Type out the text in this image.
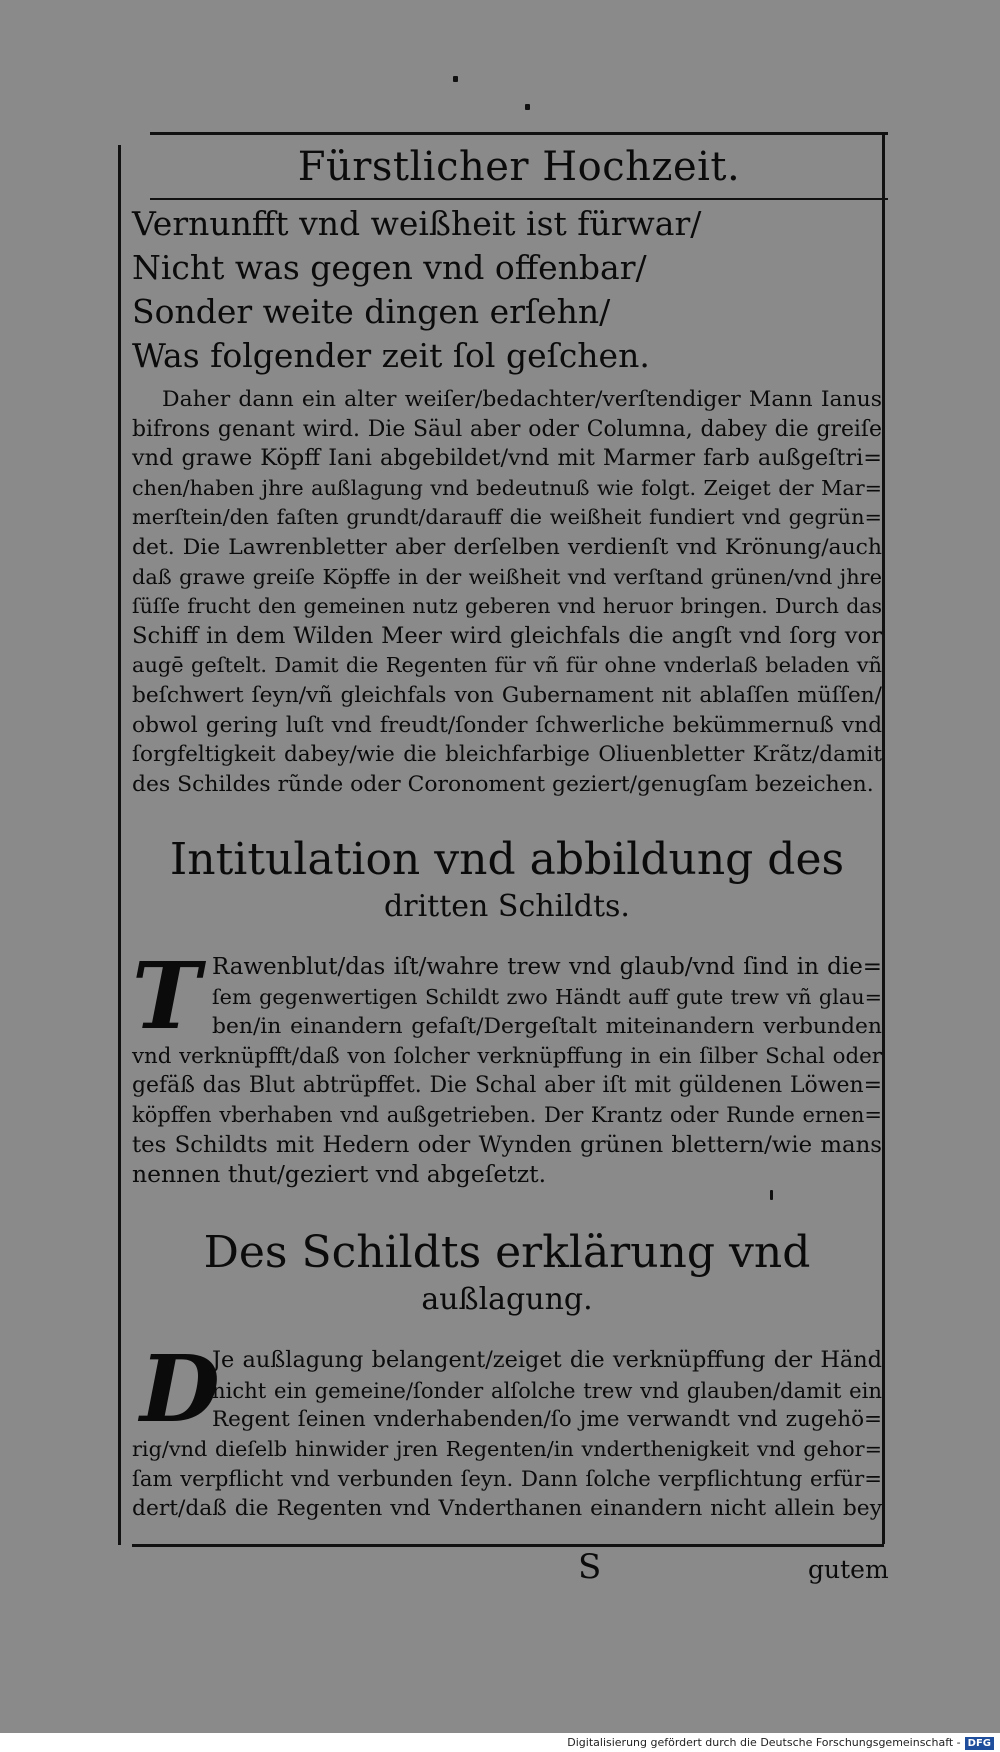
Fürstlicher Hochzeit.
Vernunfft vnd weißheit ist fürwar/
Nicht was gegen vnd offenbar/
Sonder weite dingen erſehn/
Was folgender zeit ſol geſchen.
Daher dann ein alter weiſer/bedachter/verſtendiger Mann Ianus
bifrons genant wird. Die Säul aber oder Columna, dabey die greiſe
vnd grawe Köpff Iani abgebildet/vnd mit Marmer farb außgeſtri=
chen/haben jhre außlagung vnd bedeutnuß wie folgt. Zeiget der Mar=
merſtein/den faſten grundt/darauff die weißheit fundiert vnd gegrün=
det. Die Lawrenbletter aber derſelben verdienſt vnd Krönung/auch
daß grawe greiſe Köpffe in der weißheit vnd verſtand grünen/vnd jhre
ſüſſe frucht den gemeinen nutz geberen vnd heruor bringen. Durch das
Schiff in dem Wilden Meer wird gleichfals die angſt vnd ſorg vor
augē geſtelt. Damit die Regenten für vñ für ohne vnderlaß beladen vñ
beſchwert ſeyn/vñ gleichfals von Gubernament nit ablaſſen müſſen/
obwol gering luſt vnd freudt/ſonder ſchwerliche bekümmernuß vnd
ſorgfeltigkeit dabey/wie die bleichfarbige Oliuenbletter Krãtz/damit
des Schildes rũnde oder Coronoment geziert/genugſam bezeichen.
Intitulation vnd abbildung des
dritten Schildts.
T Rawenblut/das iſt/wahre trew vnd glaub/vnd ſind in die=
ſem gegenwertigen Schildt zwo Händt auff gute trew vñ glau=
ben/in einandern gefaſt/Dergeſtalt miteinandern verbunden
vnd verknüpfft/daß von ſolcher verknüpffung in ein ſilber Schal oder
gefäß das Blut abtrüpffet. Die Schal aber iſt mit güldenen Löwen=
köpffen vberhaben vnd außgetrieben. Der Krantz oder Runde ernen=
tes Schildts mit Hedern oder Wynden grünen blettern/wie mans
nennen thut/geziert vnd abgeſetzt.
Des Schildts erklärung vnd
außlagung.
D
Je außlagung belangent/zeiget die verknüpffung der Händ
nicht ein gemeine/ſonder alſolche trew vnd glauben/damit ein
Regent ſeinen vnderhabenden/ſo jme verwandt vnd zugehö=
rig/vnd dieſelb hinwider jren Regenten/in vnderthenigkeit vnd gehor=
ſam verpflicht vnd verbunden ſeyn. Dann ſolche verpflichtung erfür=
dert/daß die Regenten vnd Vnderthanen einandern nicht allein bey
S	gutem
Digitalisierung gefördert durch die Deutsche Forschungsgemeinschaft - DFG
